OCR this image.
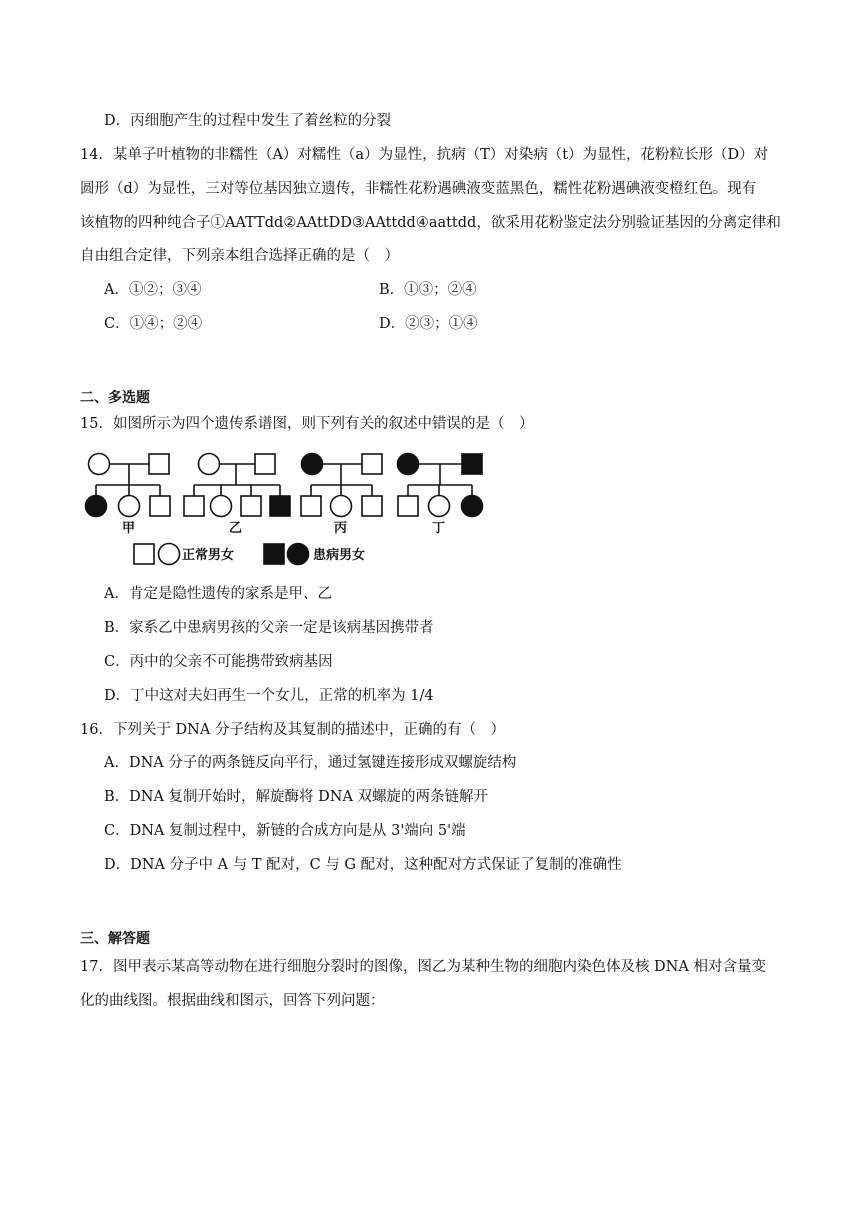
D．丙细胞产生的过程中发生了着丝粒的分裂
14．某单子叶植物的非糯性（A）对糯性（a）为显性，抗病（T）对染病（t）为显性，花粉粒长形（D）对
圆形（d）为显性，三对等位基因独立遗传，非糯性花粉遇碘液变蓝黑色，糯性花粉遇碘液变橙红色。现有
该植物的四种纯合子①AATTdd②AAttDD③AAttdd④aattdd，欲采用花粉鉴定法分别验证基因的分离定律和
自由组合定律，下列亲本组合选择正确的是（　）
A．①②；③④	B．①③；②④
C．①④；②④	D．②③；①④
二、多选题
15．如图所示为四个遗传系谱图，则下列有关的叙述中错误的是（　）
甲	乙	丙	丁
正常男女	患病男女
A．肯定是隐性遗传的家系是甲、乙
B．家系乙中患病男孩的父亲一定是该病基因携带者
C．丙中的父亲不可能携带致病基因
D．丁中这对夫妇再生一个女儿，正常的机率为 1/4
16．下列关于 DNA 分子结构及其复制的描述中，正确的有（　）
A．DNA 分子的两条链反向平行，通过氢键连接形成双螺旋结构
B．DNA 复制开始时，解旋酶将 DNA 双螺旋的两条链解开
C．DNA 复制过程中，新链的合成方向是从 3'端向 5'端
D．DNA 分子中 A 与 T 配对，C 与 G 配对，这种配对方式保证了复制的准确性
三、解答题
17．图甲表示某高等动物在进行细胞分裂时的图像，图乙为某种生物的细胞内染色体及核 DNA 相对含量变
化的曲线图。根据曲线和图示，回答下列问题：
